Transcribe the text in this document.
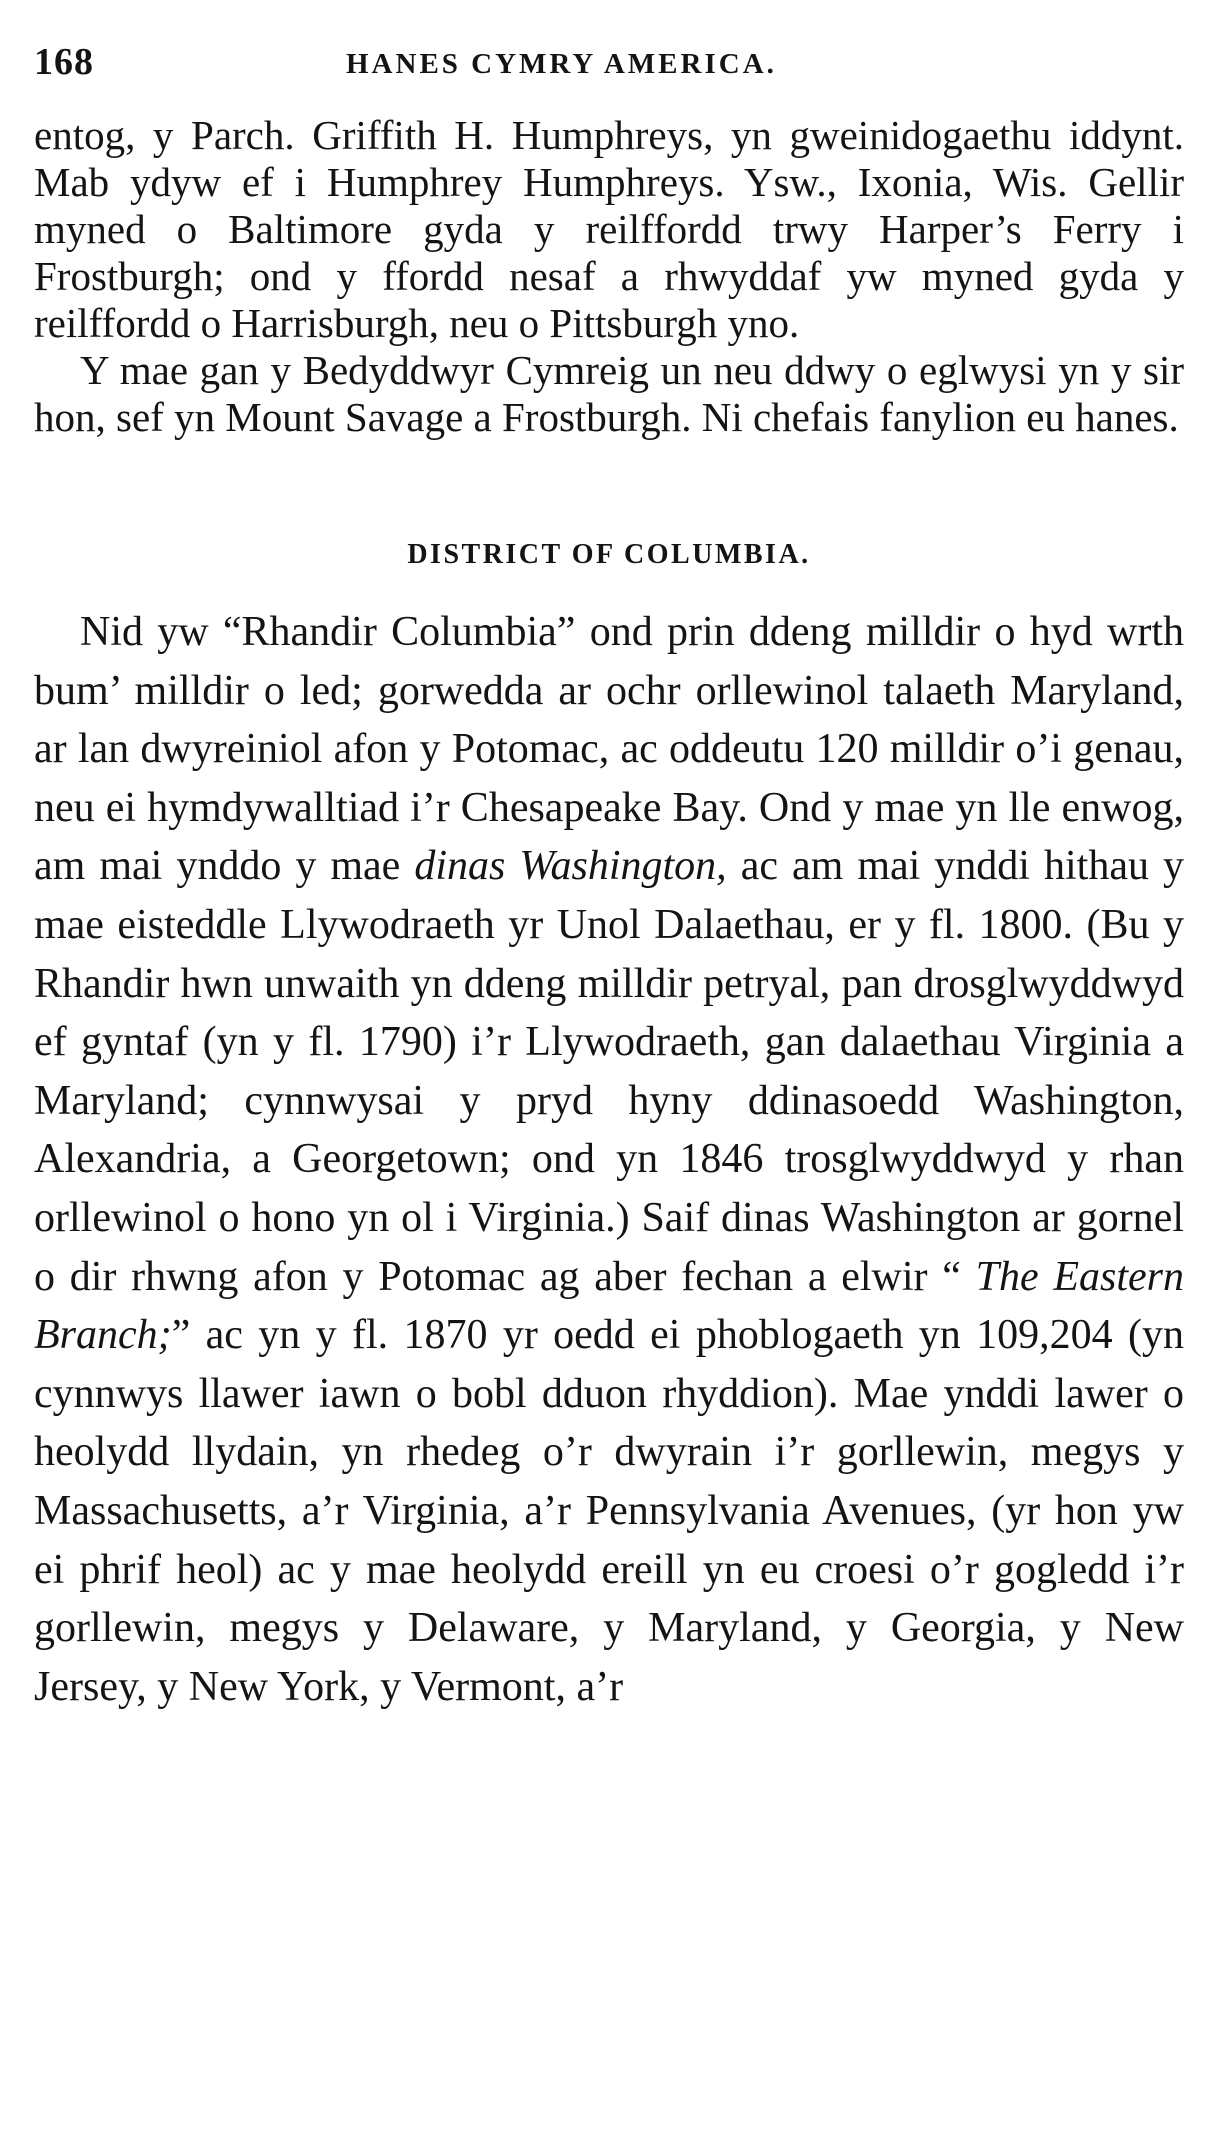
168	HANES CYMRY AMERICA.

entog, y Parch. Griffith H. Humphreys, yn gweinidogaethu iddynt. Mab ydyw ef i Humphrey Humphreys. Ysw., Ixonia, Wis. Gellir myned o Baltimore gyda y reilffordd trwy Harper’s Ferry i Frostburgh; ond y ffordd nesaf a rhwyddaf yw myned gyda y reilffordd o Harrisburgh, neu o Pittsburgh yno.

Y mae gan y Bedyddwyr Cymreig un neu ddwy o eglwysi yn y sir hon, sef yn Mount Savage a Frostburgh. Ni chefais fanylion eu hanes.

DISTRICT OF COLUMBIA.

Nid yw “Rhandir Columbia” ond prin ddeng milldir o hyd wrth bum’ milldir o led; gorwedda ar ochr orllewinol talaeth Maryland, ar lan dwyreiniol afon y Potomac, ac oddeutu 120 milldir o’i genau, neu ei hymdywalltiad i’r Chesapeake Bay. Ond y mae yn lle enwog, am mai ynddo y mae dinas Washington, ac am mai ynddi hithau y mae eisteddle Llywodraeth yr Unol Dalaethau, er y fl. 1800. (Bu y Rhandir hwn unwaith yn ddeng milldir petryal, pan drosglwyddwyd ef gyntaf (yn y fl. 1790) i’r Llywodraeth, gan dalaethau Virginia a Maryland; cynnwysai y pryd hyny ddinasoedd Washington, Alexandria, a Georgetown; ond yn 1846 trosglwyddwyd y rhan orllewinol o hono yn ol i Virginia.) Saif dinas Washington ar gornel o dir rhwng afon y Potomac ag aber fechan a elwir “ The Eastern Branch;” ac yn y fl. 1870 yr oedd ei phoblogaeth yn 109,204 (yn cynnwys llawer iawn o bobl dduon rhyddion). Mae ynddi lawer o heolydd llydain, yn rhedeg o’r dwyrain i’r gorllewin, megys y Massachusetts, a’r Virginia, a’r Pennsylvania Avenues, (yr hon yw ei phrif heol) ac y mae heolydd ereill yn eu croesi o’r gogledd i’r gorllewin, megys y Delaware, y Maryland, y Georgia, y New Jersey, y New York, y Vermont, a’r
